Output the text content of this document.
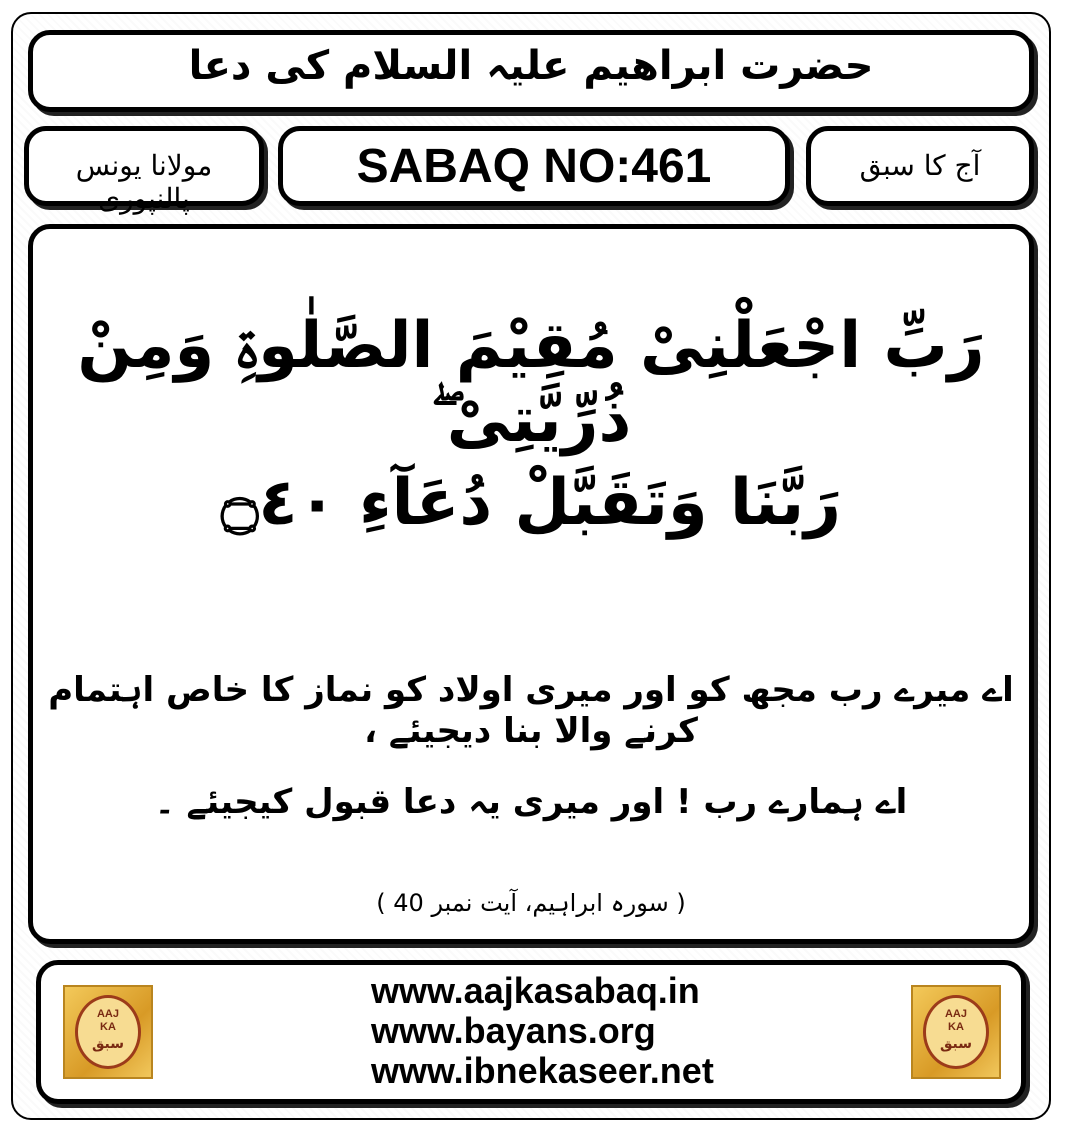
حضرت ابراھیم علیہ السلام کی دعا
مولانا یونس پالنپوری
SABAQ NO:461	آج کا سبق
رَبِّ اجْعَلْنِیْ مُقِیْمَ الصَّلٰوۃِ وَمِنْ ذُرِّیَّتِیْ ۖ
رَبَّنَا وَتَقَبَّلْ دُعَآءِ ۝٤٠
اے میرے رب مجھ کو اور میری اولاد کو نماز کا خاص اہتمام کرنے والا بنا دیجیئے ،
اے ہمارے رب ! اور میری یہ دعا قبول کیجیئے ۔
( سورہ ابراہیم، آیت نمبر 40 )
AAJ
KA
سبق
www.aajkasabaq.in
www.bayans.org
www.ibnekaseer.net
AAJ
KA
سبق
